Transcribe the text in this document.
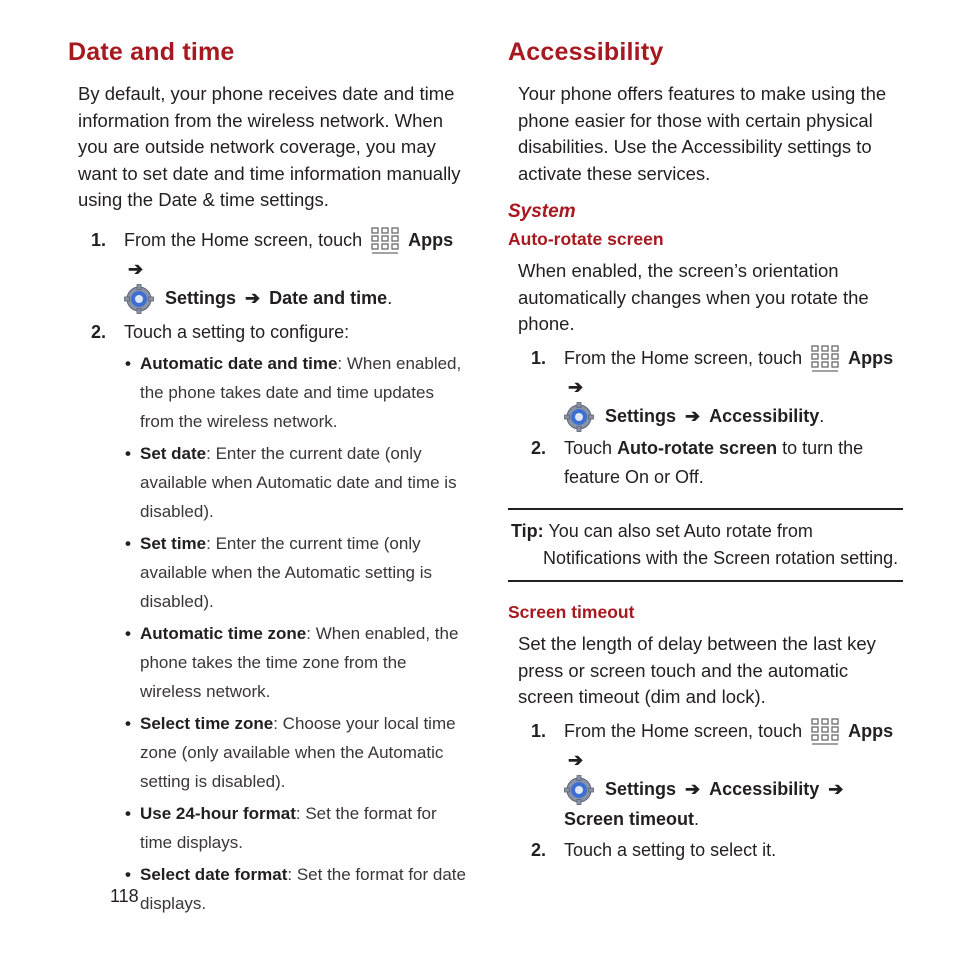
Date and time

By default, your phone receives date and time information from the wireless network. When you are outside network coverage, you may want to set date and time information manually using the Date & time settings.

1. From the Home screen, touch	Apps ➔
Settings ➔ Date and time.
2. Touch a setting to configure:
• Automatic date and time: When enabled, the phone takes date and time updates from the wireless network.
• Set date: Enter the current date (only available when Automatic date and time is disabled).
• Set time: Enter the current time (only available when the Automatic setting is disabled).
• Automatic time zone: When enabled, the phone takes the time zone from the wireless network.
• Select time zone: Choose your local time zone (only available when the Automatic setting is disabled).
• Use 24-hour format: Set the format for time displays.
• Select date format: Set the format for date displays.
Accessibility

Your phone offers features to make using the phone easier for those with certain physical disabilities. Use the Accessibility settings to activate these services.

System
Auto-rotate screen

When enabled, the screen’s orientation automatically changes when you rotate the phone.

1. From the Home screen, touch	Apps ➔
Settings ➔ Accessibility.
2. Touch Auto-rotate screen to turn the feature On or Off.
Tip: You can also set Auto rotate from Notifications with the Screen rotation setting.
Screen timeout

Set the length of delay between the last key press or screen touch and the automatic screen timeout (dim and lock).

1. From the Home screen, touch	Apps ➔
Settings ➔ Accessibility ➔ Screen timeout.
2. Touch a setting to select it.
118
